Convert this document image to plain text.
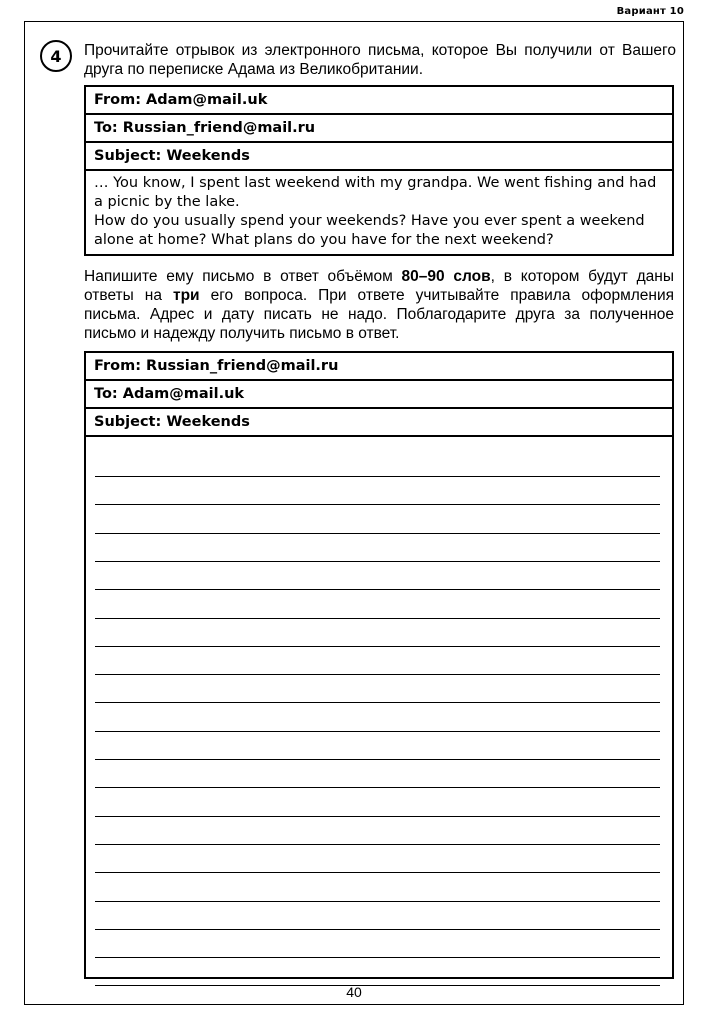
Вариант 10
4	Прочитайте отрывок из электронного письма, которое Вы получили от Вашего друга по переписке Адама из Великобритании.
From: Adam@mail.uk
To: Russian_friend@mail.ru
Subject: Weekends

… You know, I spent last weekend with my grandpa. We went fishing and had a picnic by the lake.

How do you usually spend your weekends? Have you ever spent a weekend alone at home? What plans do you have for the next weekend?

Напишите ему письмо в ответ объёмом 80–90 слов, в котором будут даны ответы на три его вопроса. При ответе учитывайте правила оформления письма. Адрес и дату писать не надо. Поблагодарите друга за полученное письмо и надежду получить письмо в ответ.
From: Russian_friend@mail.ru
To: Adam@mail.uk
Subject: Weekends
40
